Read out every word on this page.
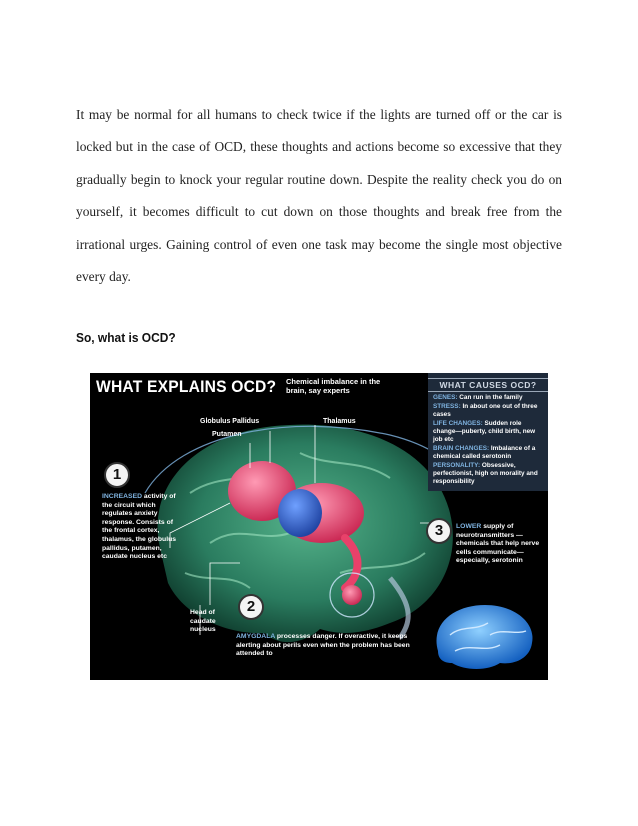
It may be normal for all humans to check twice if the lights are turned off or the car is locked but in the case of OCD, these thoughts and actions become so excessive that they gradually begin to knock your regular routine down. Despite the reality check you do on yourself, it becomes difficult to cut down on those thoughts and break free from the irrational urges. Gaining control of even one task may become the single most objective every day.

So, what is OCD?

WHAT EXPLAINS OCD? Chemical imbalance in the brain, say experts

Globulus Pallidus

Putamen

Thalamus

Head of caudate nucleus

1
INCREASED activity of the circuit which regulates anxiety response. Consists of the frontal cortex, thalamus, the globulus pallidus, putamen, caudate nucleus etc
2
AMYGDALA processes danger. If overactive, it keeps alerting about perils even when the problem has been attended to
3	LOWER supply of neurotransmitters —chemicals that help nerve cells communicate— especially, serotonin
WHAT CAUSES OCD?

GENES: Can run in the family

STRESS: In about one out of three cases

LIFE CHANGES: Sudden role change—puberty, child birth, new job etc

BRAIN CHANGES: Imbalance of a chemical called serotonin

PERSONALITY: Obsessive, perfectionist, high on morality and responsibility
